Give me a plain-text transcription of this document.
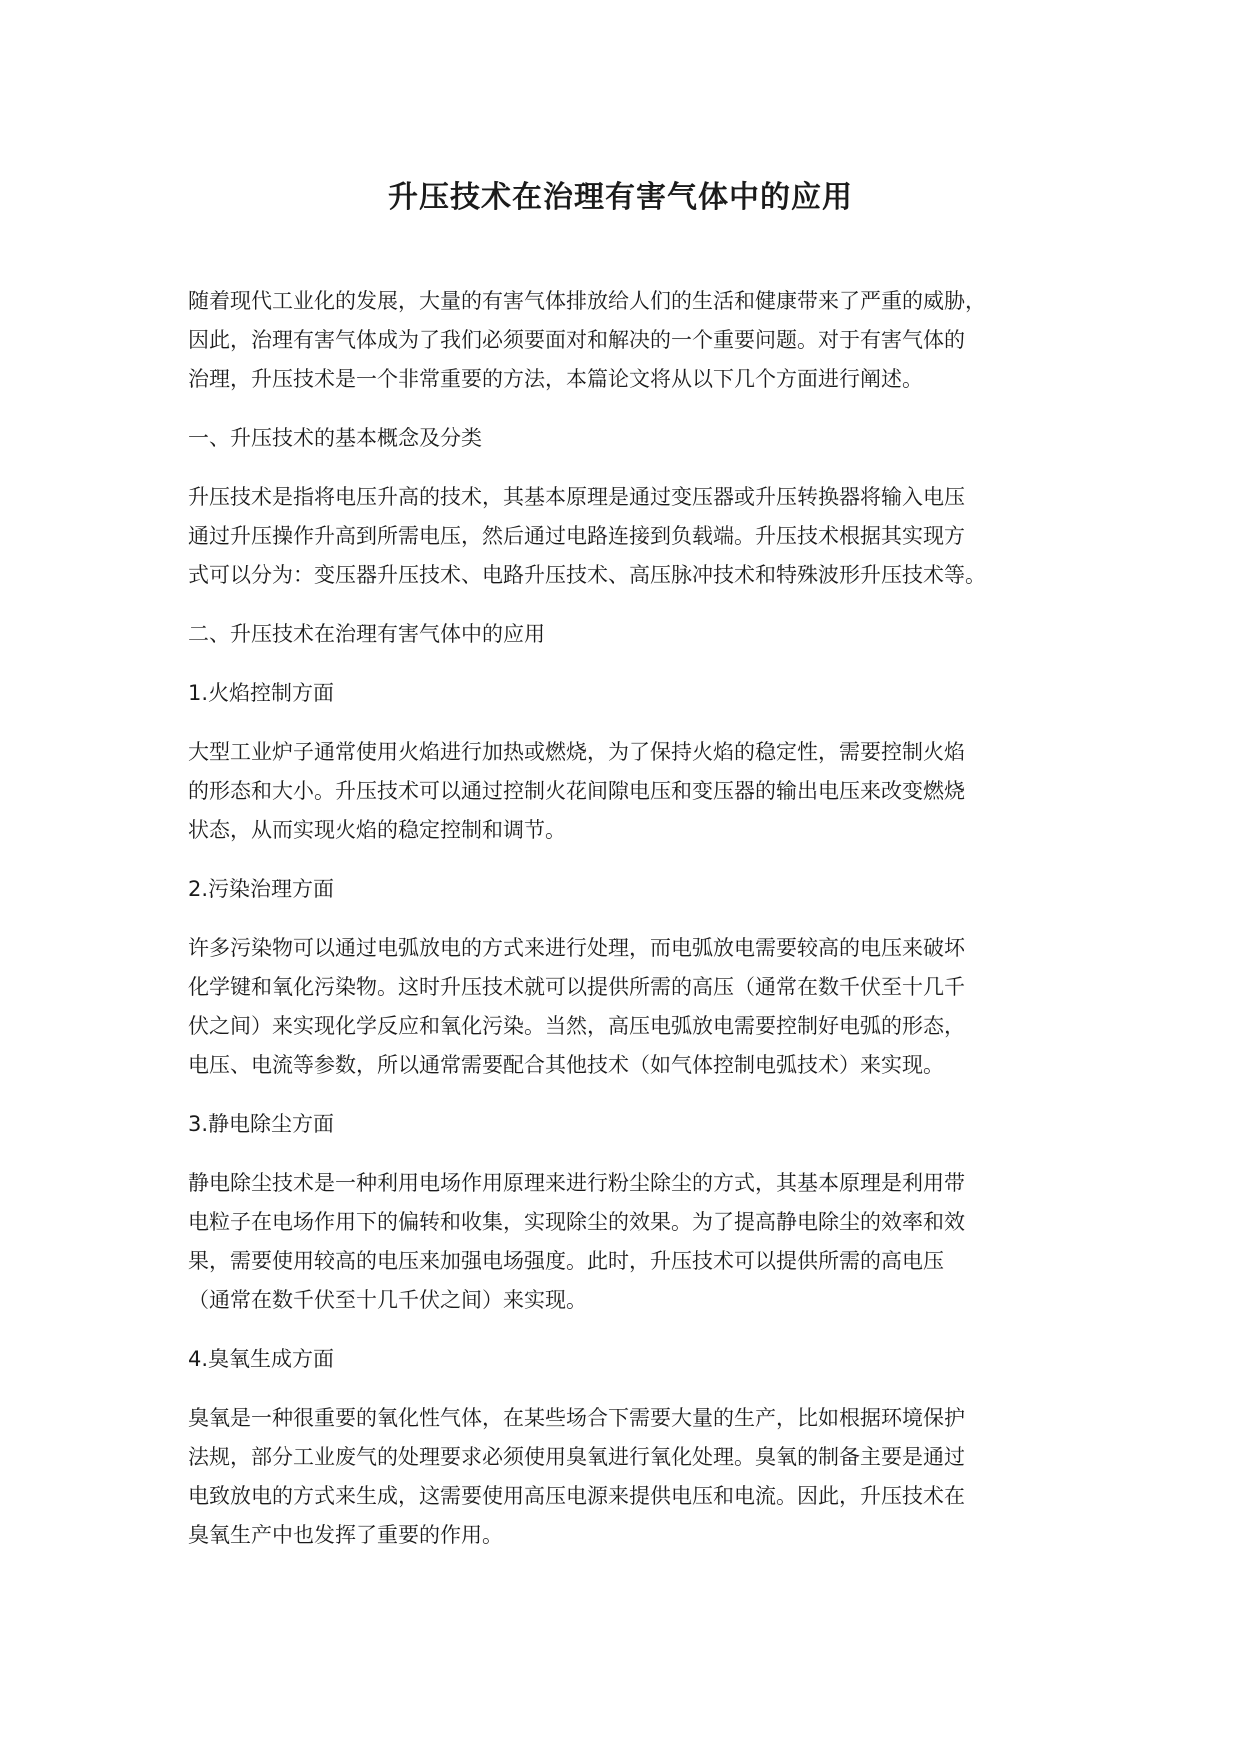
升压技术在治理有害气体中的应用

随着现代工业化的发展，大量的有害气体排放给人们的生活和健康带来了严重的威胁，
因此，治理有害气体成为了我们必须要面对和解决的一个重要问题。对于有害气体的
治理，升压技术是一个非常重要的方法，本篇论文将从以下几个方面进行阐述。

一、升压技术的基本概念及分类

升压技术是指将电压升高的技术，其基本原理是通过变压器或升压转换器将输入电压
通过升压操作升高到所需电压，然后通过电路连接到负载端。升压技术根据其实现方
式可以分为：变压器升压技术、电路升压技术、高压脉冲技术和特殊波形升压技术等。

二、升压技术在治理有害气体中的应用

1.火焰控制方面

大型工业炉子通常使用火焰进行加热或燃烧，为了保持火焰的稳定性，需要控制火焰
的形态和大小。升压技术可以通过控制火花间隙电压和变压器的输出电压来改变燃烧
状态，从而实现火焰的稳定控制和调节。

2.污染治理方面

许多污染物可以通过电弧放电的方式来进行处理，而电弧放电需要较高的电压来破坏
化学键和氧化污染物。这时升压技术就可以提供所需的高压（通常在数千伏至十几千
伏之间）来实现化学反应和氧化污染。当然，高压电弧放电需要控制好电弧的形态，
电压、电流等参数，所以通常需要配合其他技术（如气体控制电弧技术）来实现。

3.静电除尘方面

静电除尘技术是一种利用电场作用原理来进行粉尘除尘的方式，其基本原理是利用带
电粒子在电场作用下的偏转和收集，实现除尘的效果。为了提高静电除尘的效率和效
果，需要使用较高的电压来加强电场强度。此时，升压技术可以提供所需的高电压
（通常在数千伏至十几千伏之间）来实现。

4.臭氧生成方面

臭氧是一种很重要的氧化性气体，在某些场合下需要大量的生产，比如根据环境保护
法规，部分工业废气的处理要求必须使用臭氧进行氧化处理。臭氧的制备主要是通过
电致放电的方式来生成，这需要使用高压电源来提供电压和电流。因此，升压技术在
臭氧生产中也发挥了重要的作用。
